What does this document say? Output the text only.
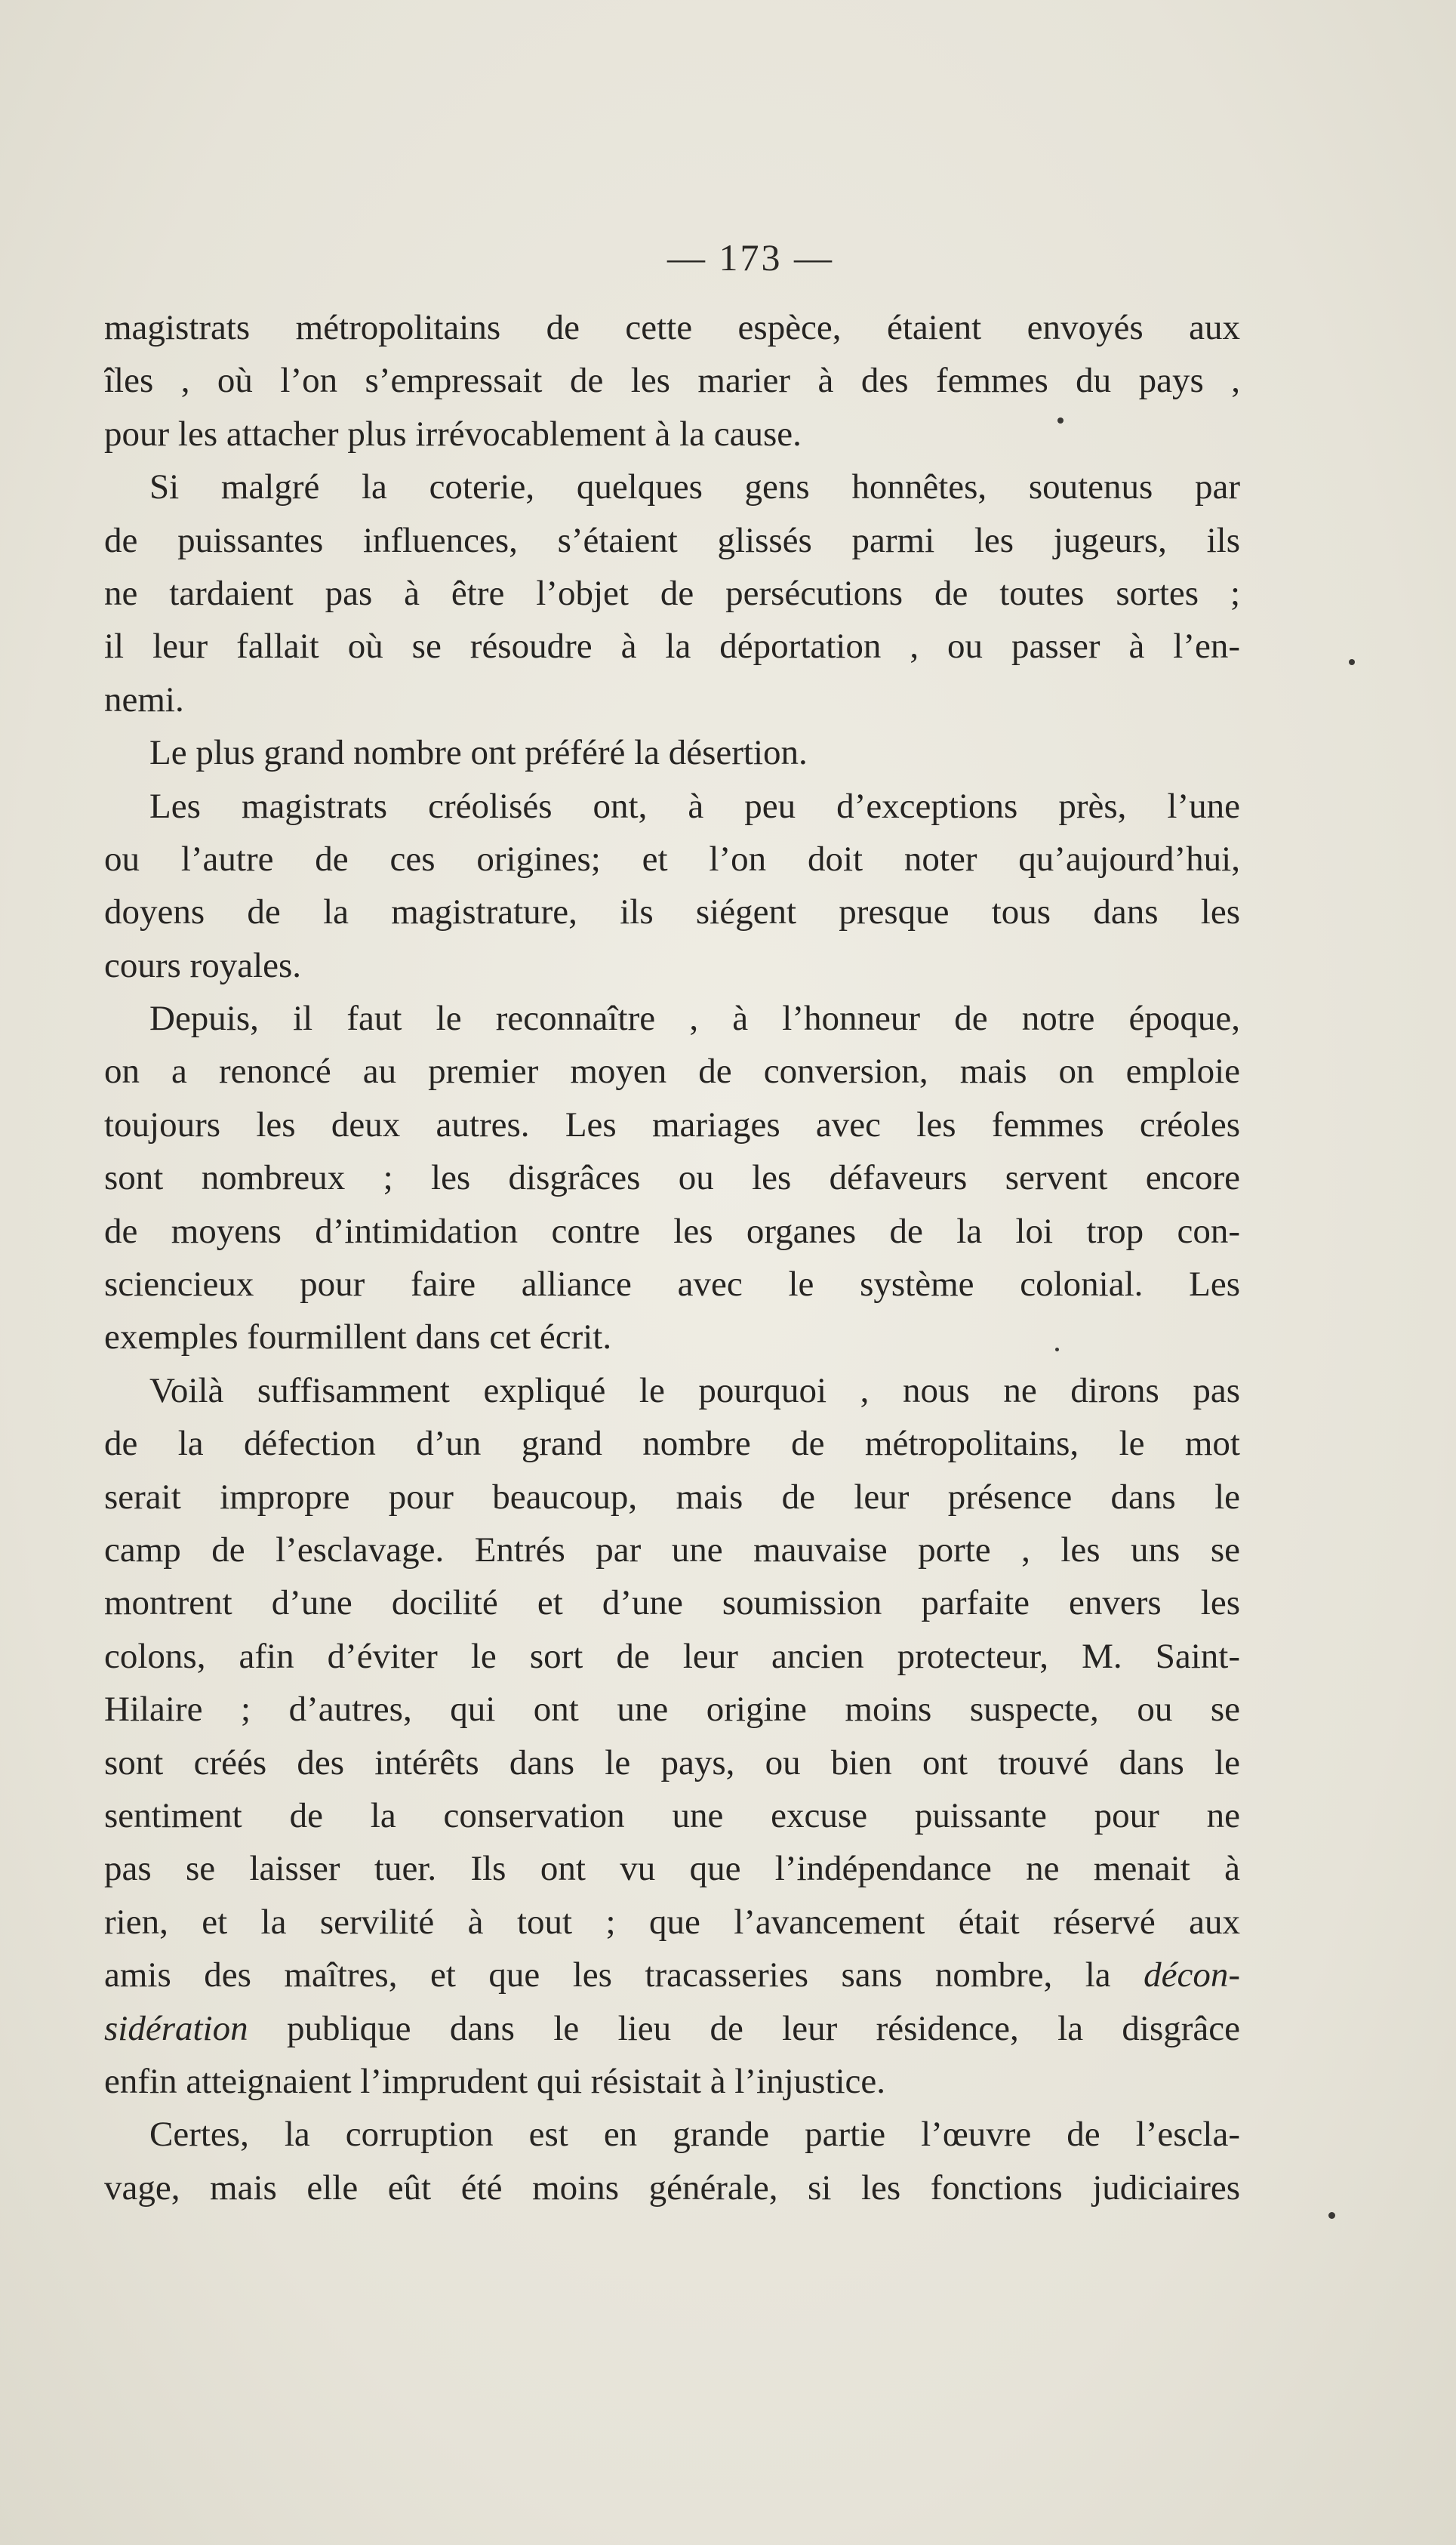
— 173 —
magistrats métropolitains de cette espèce, étaient envoyés aux
îles , où l’on s’empressait de les marier à des femmes du pays ,
pour les attacher plus irrévocablement à la cause.
Si malgré la coterie, quelques gens honnêtes, soutenus par
de puissantes influences, s’étaient glissés parmi les jugeurs, ils
ne tardaient pas à être l’objet de persécutions de toutes sortes ;
il leur fallait où se résoudre à la déportation , ou passer à l’en-
nemi.
Le plus grand nombre ont préféré la désertion.
Les magistrats créolisés ont, à peu d’exceptions près, l’une
ou l’autre de ces origines; et l’on doit noter qu’aujourd’hui,
doyens de la magistrature, ils siégent presque tous dans les
cours royales.
Depuis, il faut le reconnaître , à l’honneur de notre époque,
on a renoncé au premier moyen de conversion, mais on emploie
toujours les deux autres. Les mariages avec les femmes créoles
sont nombreux ; les disgrâces ou les défaveurs servent encore
de moyens d’intimidation contre les organes de la loi trop con-
sciencieux pour faire alliance avec le système colonial. Les
exemples fourmillent dans cet écrit.
Voilà suffisamment expliqué le pourquoi , nous ne dirons pas
de la défection d’un grand nombre de métropolitains, le mot
serait impropre pour beaucoup, mais de leur présence dans le
camp de l’esclavage. Entrés par une mauvaise porte , les uns se
montrent d’une docilité et d’une soumission parfaite envers les
colons, afin d’éviter le sort de leur ancien protecteur, M. Saint-
Hilaire ; d’autres, qui ont une origine moins suspecte, ou se
sont créés des intérêts dans le pays, ou bien ont trouvé dans le
sentiment de la conservation une excuse puissante pour ne
pas se laisser tuer. Ils ont vu que l’indépendance ne menait à
rien, et la servilité à tout ; que l’avancement était réservé aux
amis des maîtres, et que les tracasseries sans nombre, la décon-
sidération publique dans le lieu de leur résidence, la disgrâce
enfin atteignaient l’imprudent qui résistait à l’injustice.
Certes, la corruption est en grande partie l’œuvre de l’escla-
vage, mais elle eût été moins générale, si les fonctions judiciaires
